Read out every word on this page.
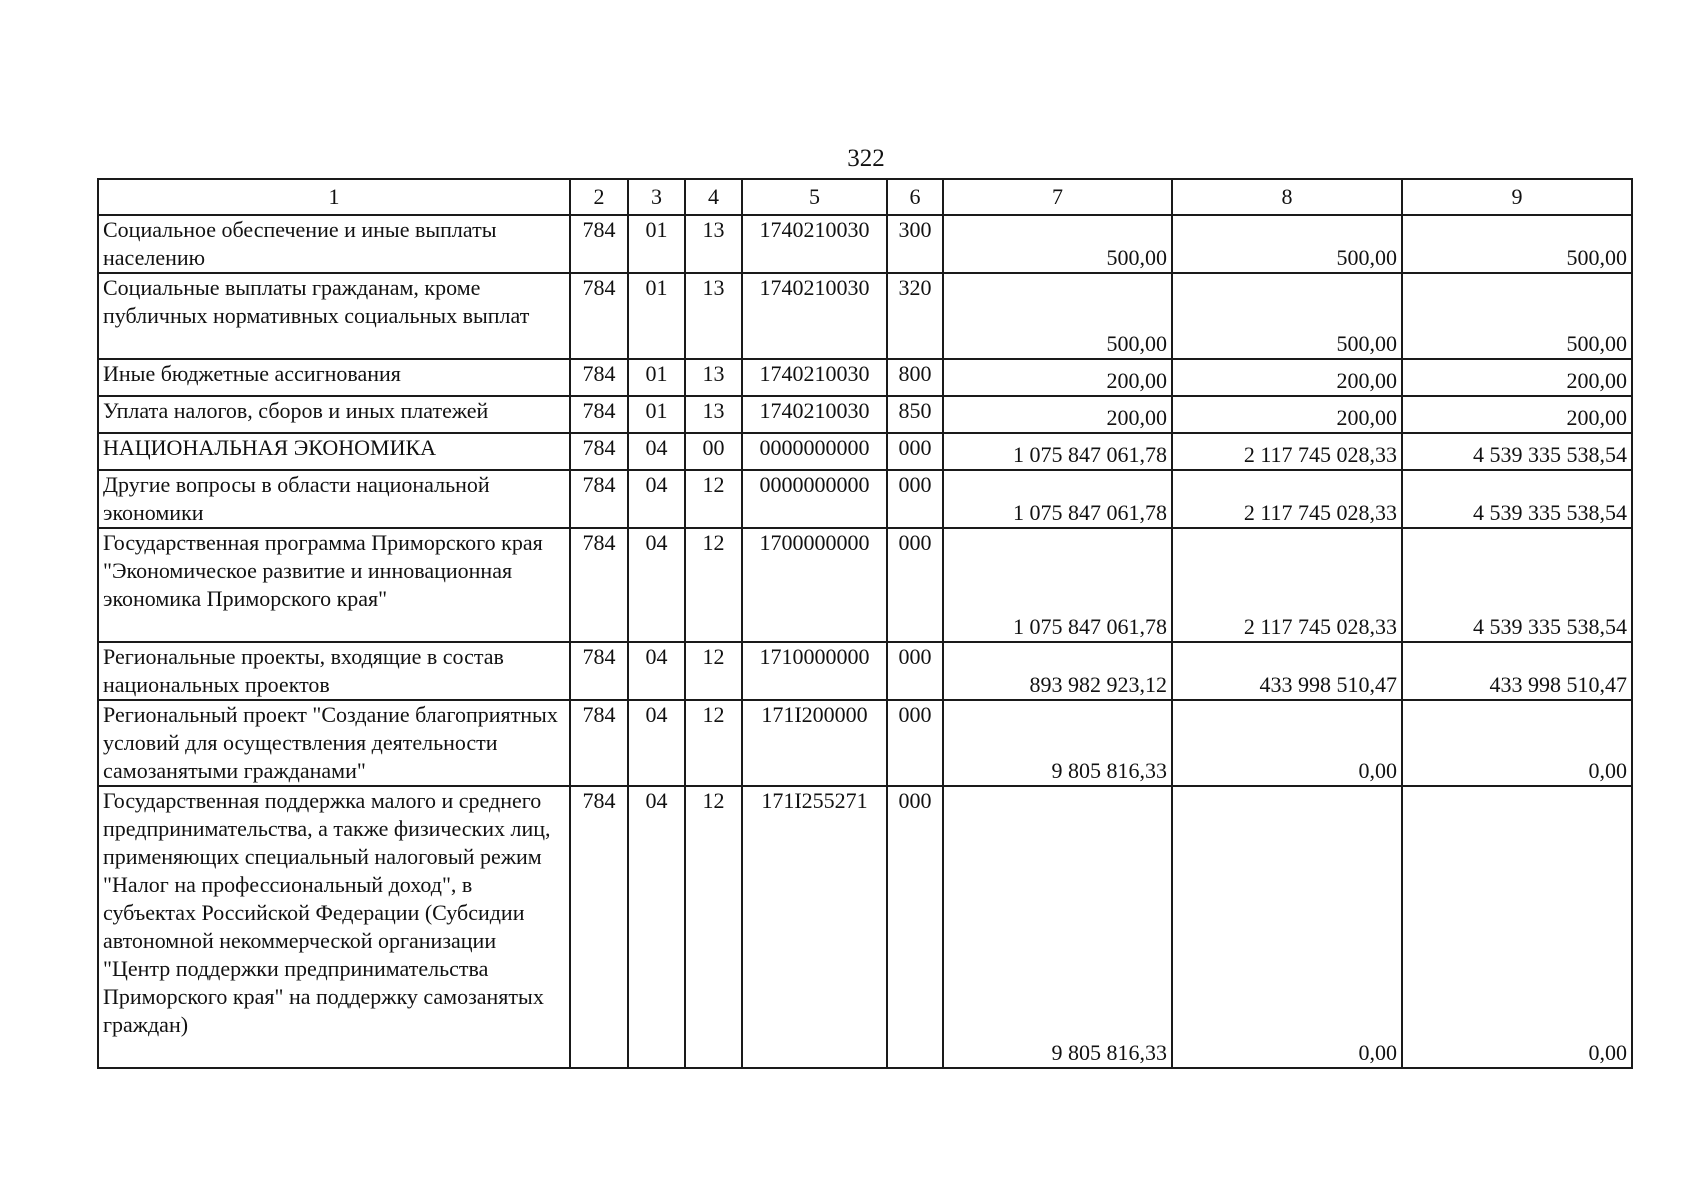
322
1	2	3	4	5	6	7	8	9
Социальное обеспечение и иные выплаты населению	784	01	13	1740210030	300	500,00	500,00	500,00
Социальные выплаты гражданам, кроме публичных нормативных социальных выплат	784	01	13	1740210030	320	500,00	500,00	500,00
Иные бюджетные ассигнования	784	01	13	1740210030	800	200,00	200,00	200,00
Уплата налогов, сборов и иных платежей	784	01	13	1740210030	850	200,00	200,00	200,00
НАЦИОНАЛЬНАЯ ЭКОНОМИКА	784	04	00	0000000000	000	1 075 847 061,78	2 117 745 028,33	4 539 335 538,54
Другие вопросы в области национальной экономики	784	04	12	0000000000	000	1 075 847 061,78	2 117 745 028,33	4 539 335 538,54
Государственная программа Приморского края "Экономическое развитие и инновационная экономика Приморского края"	784	04	12	1700000000	000	1 075 847 061,78	2 117 745 028,33	4 539 335 538,54
Региональные проекты, входящие в состав национальных проектов	784	04	12	1710000000	000	893 982 923,12	433 998 510,47	433 998 510,47
Региональный проект "Создание благоприятных условий для осуществления деятельности самозанятыми гражданами"	784	04	12	171I200000	000	9 805 816,33	0,00	0,00
Государственная поддержка малого и среднего предпринимательства, а также физических лиц, применяющих специальный налоговый режим "Налог на профессиональный доход", в субъектах Российской Федерации (Субсидии автономной некоммерческой организации "Центр поддержки предпринимательства Приморского края" на поддержку самозанятых граждан)	784	04	12	171I255271	000	9 805 816,33	0,00	0,00
